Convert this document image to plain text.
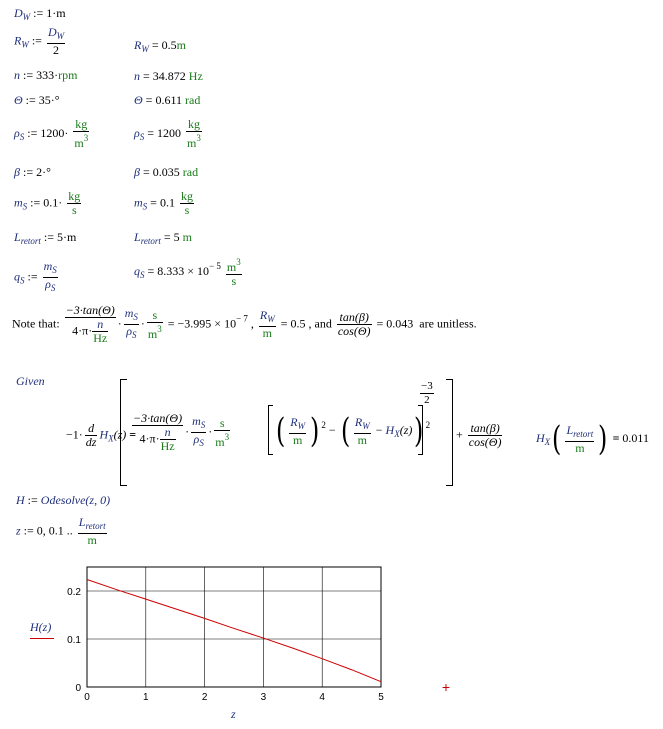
$D_W$ := 1·m
$R_W$ := $\frac{D_W}{2}$	$R_W = 0.5m$
n := 333·rpm	n = 34.872 Hz
Θ := 35·°	Θ = 0.611 rad
$\rho_S$ := $1200\cdot \frac{kg}{m^3}$	$\rho_S = 1200 \frac{kg}{m^3}$
β := 2·°	β = 0.035 rad
$m_S$ := $0.1\cdot \frac{kg}{s}$	$m_S = 0.1 \frac{kg}{s}$
$L_{retort}$ := 5·m	$L_{retort} = 5$ m
$q_S$ := $\frac{m_S}{\rho_S}$	$q_S = 8.333 \times 10^{- 5} \frac{m^3}{s}$
Note that: $\frac{-3\cdot\tan(\Theta)}{4\cdot\pi\cdot \frac{n}{Hz}} \cdot \frac{m_S}{\rho_S} \cdot \frac{s}{m^3} = -3.995 \times 10^{- 7}$ , $\frac{R_W}{m} = 0.5$ , and $\frac{\tan(\beta)}{\cos(\Theta)} = 0.043$ are unitless.
Given
$-1\cdot \frac{d}{dz} H_X(z)$ =
$\frac{-3\cdot\tan(\Theta)}{4\cdot\pi\cdot \frac{n}{Hz}} \cdot \frac{m_S}{\rho_S} \cdot \frac{s}{m^3}$ ( $\frac{R_W}{m}$ ) $^2$ − ( $\frac{R_W}{m} - H_X(z)$) $^2$
$\frac{-3}{2}$
+ $\frac{\tan(\beta)}{\cos(\Theta)}$	$H_X( \frac{L_{retort}}{m}$ ) = 0.011
H := Odesolve(z, 0)
z := 0, 0.1 .. $\frac{L_{retort}}{m}$
H(z)
0	1	2	3	4	5
0
0.1
0.2
+
z
